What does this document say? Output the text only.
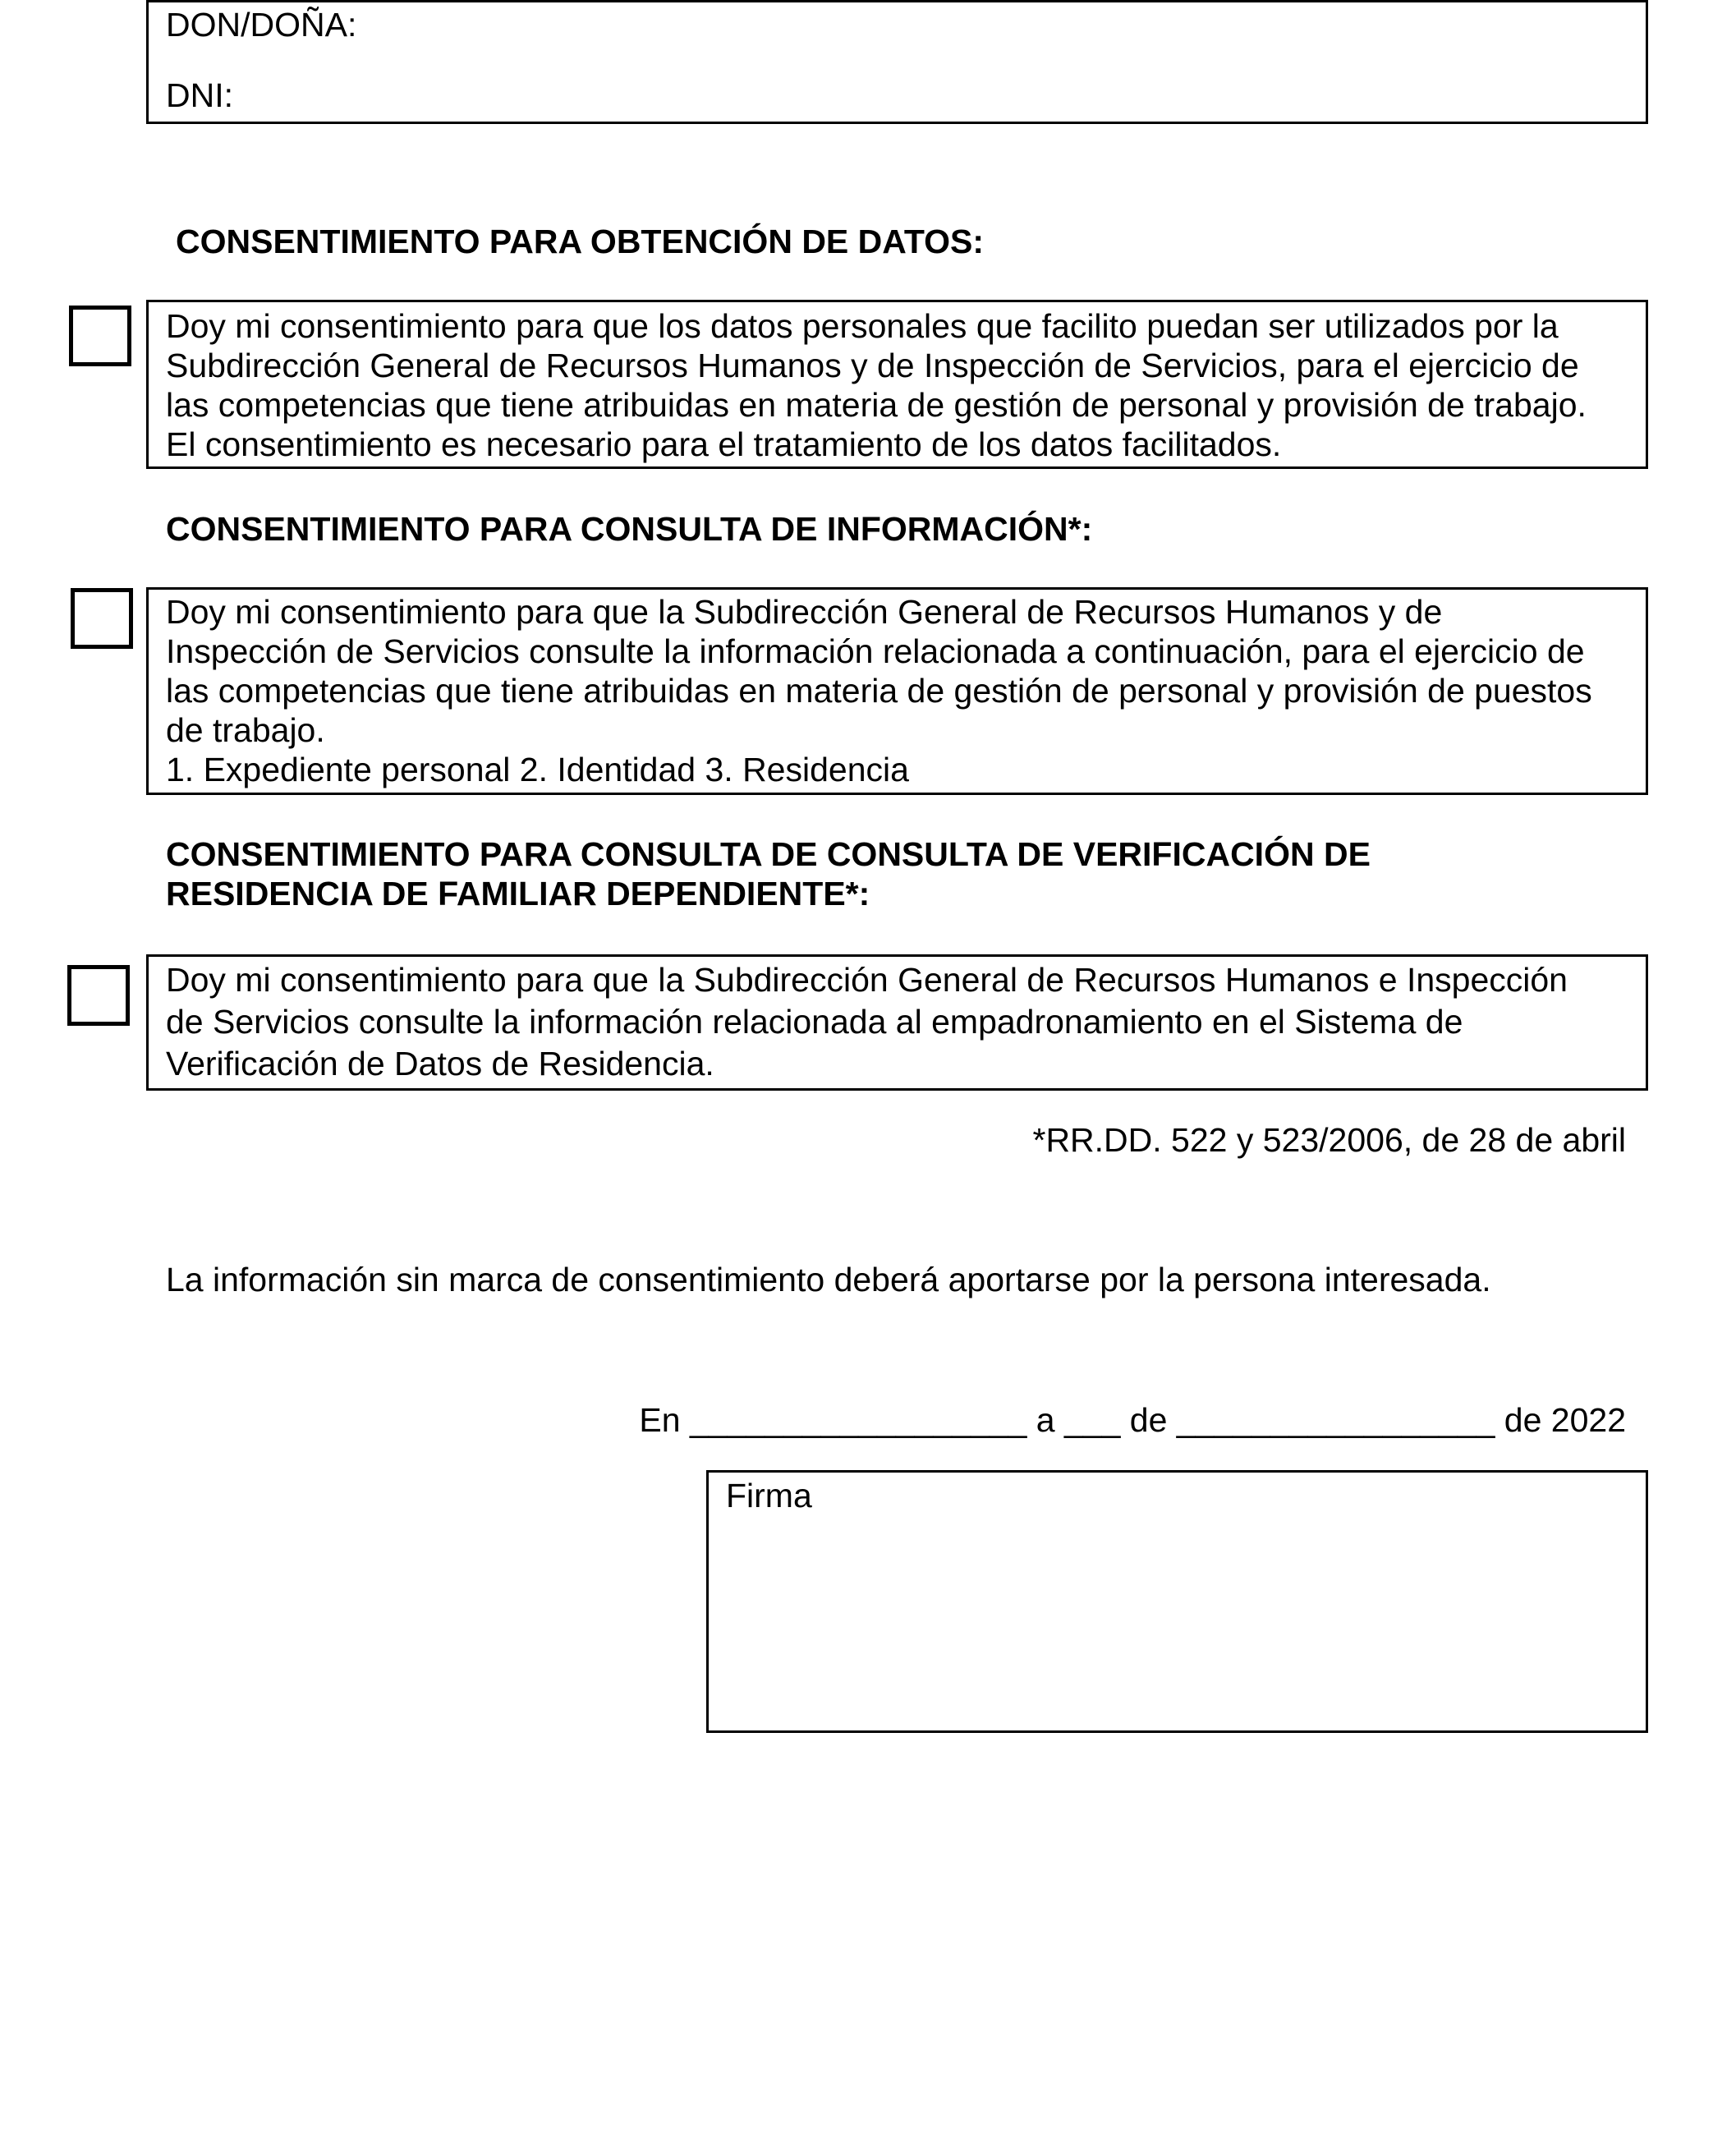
DON/DOÑA:
DNI:
CONSENTIMIENTO PARA OBTENCIÓN DE DATOS:
Doy mi consentimiento para que los datos personales que facilito puedan ser utilizados por la
Subdirección General de Recursos Humanos y de Inspección de Servicios, para el ejercicio de
las competencias que tiene atribuidas en materia de gestión de personal y provisión de trabajo.
El consentimiento es necesario para el tratamiento de los datos facilitados.
CONSENTIMIENTO PARA CONSULTA DE INFORMACIÓN*:
Doy mi consentimiento para que la Subdirección General de Recursos Humanos y de
Inspección de Servicios consulte la información relacionada a continuación, para el ejercicio de
las competencias que tiene atribuidas en materia de gestión de personal y provisión de puestos
de trabajo.
1. Expediente personal 2. Identidad 3. Residencia
CONSENTIMIENTO PARA CONSULTA DE CONSULTA DE VERIFICACIÓN DE
RESIDENCIA DE FAMILIAR DEPENDIENTE*:
Doy mi consentimiento para que la Subdirección General de Recursos Humanos e Inspección
de Servicios consulte la información relacionada al empadronamiento en el Sistema de
Verificación de Datos de Residencia.
*RR.DD. 522 y 523/2006, de 28 de abril
La información sin marca de consentimiento deberá aportarse por la persona interesada.
En __________________ a ___ de _________________ de 2022
Firma
